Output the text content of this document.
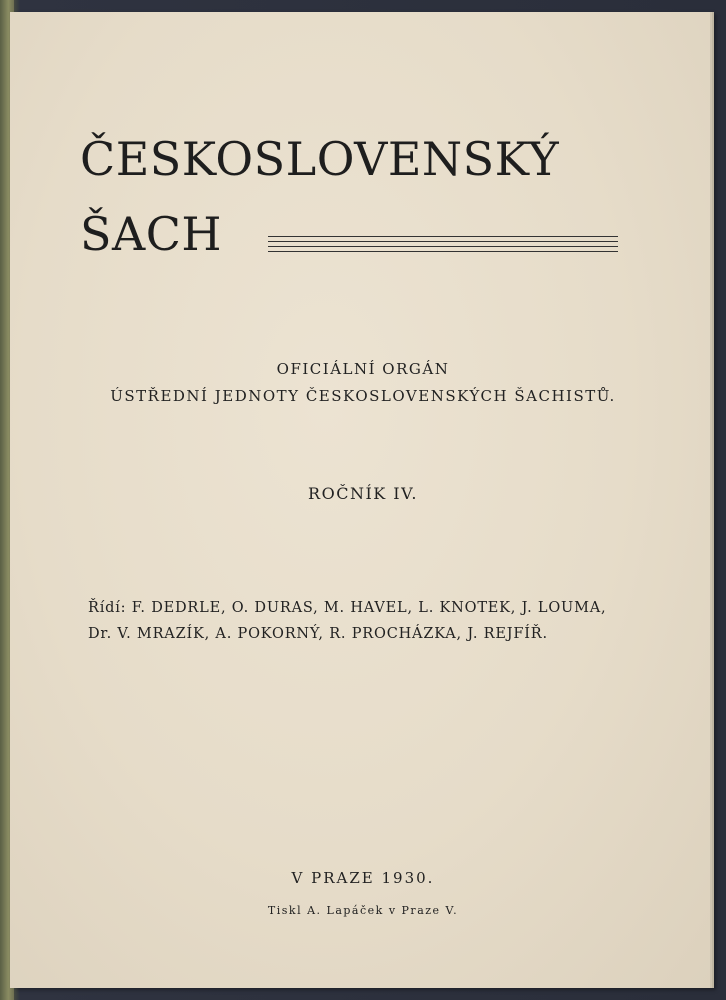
ČESKOSLOVENSKÝ
ŠACH
OFICIÁLNÍ ORGÁN
ÚSTŘEDNÍ JEDNOTY ČESKOSLOVENSKÝCH ŠACHISTŮ.
ROČNÍK IV.
Řídí: F. DEDRLE, O. DURAS, M. HAVEL, L. KNOTEK, J. LOUMA,
Dr. V. MRAZÍK, A. POKORNÝ, R. PROCHÁZKA, J. REJFÍŘ.
V PRAZE 1930.
Tiskl A. Lapáček v Praze V.
